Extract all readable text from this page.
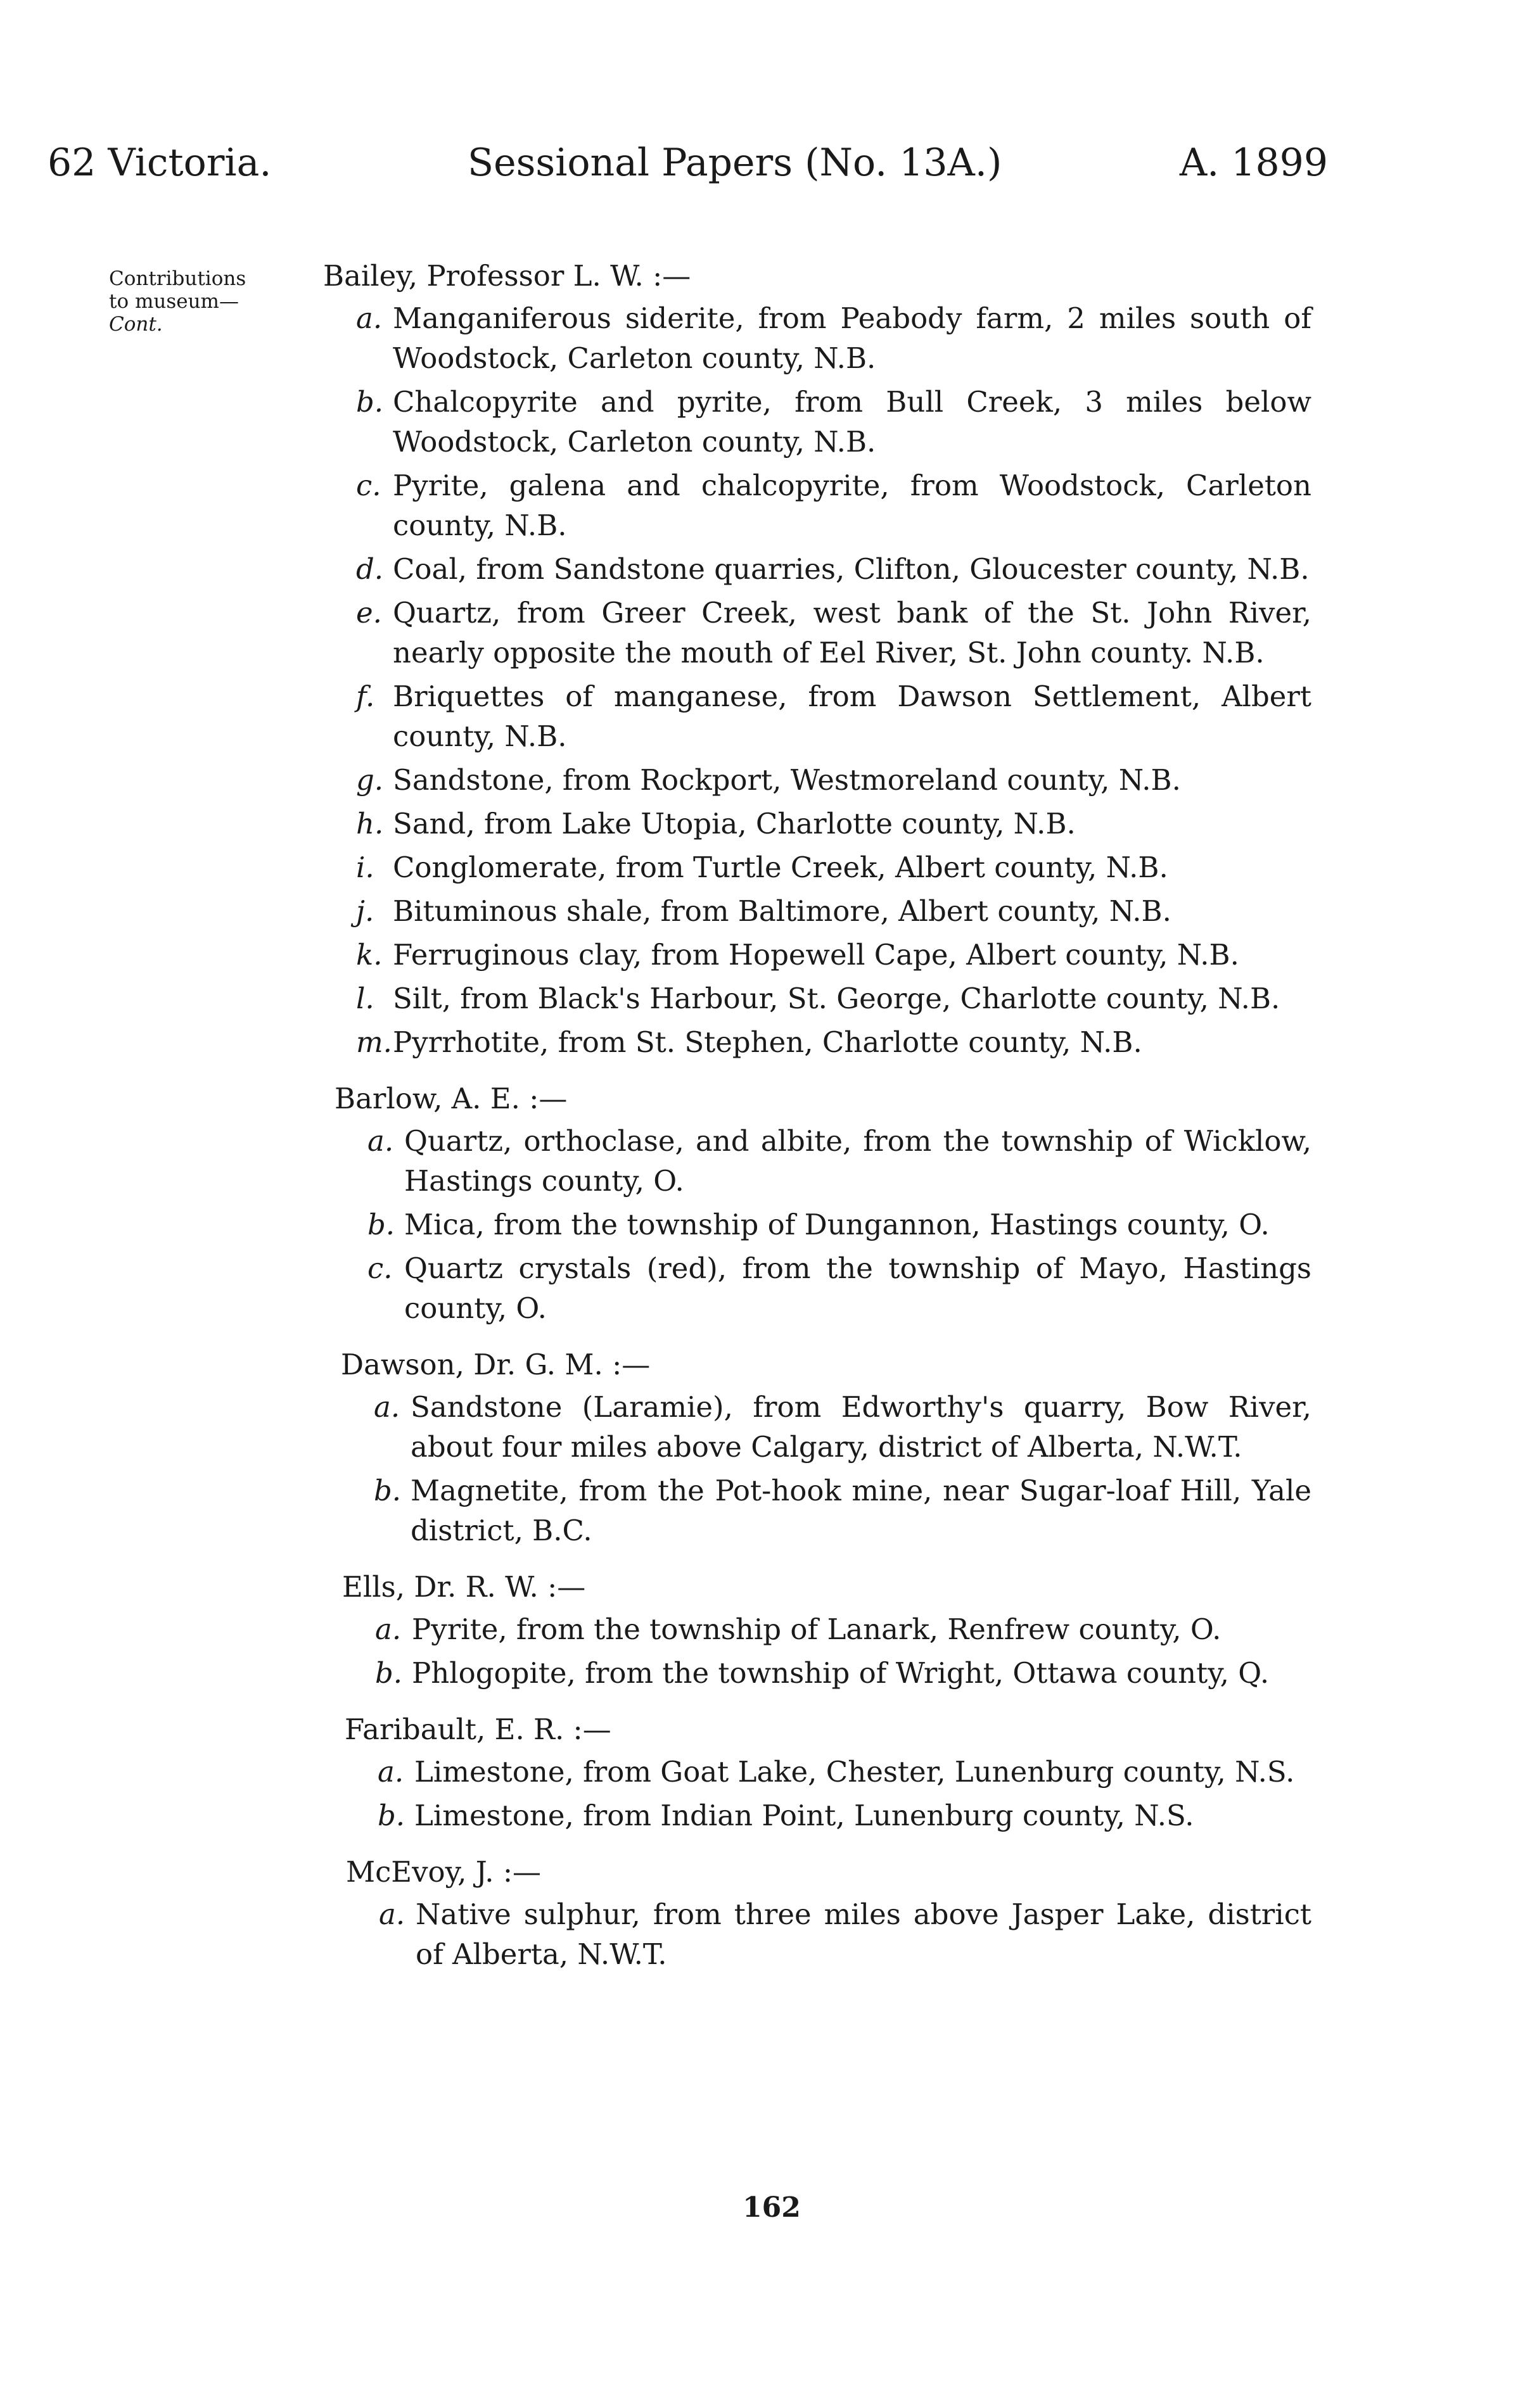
62 Victoria.	Sessional Papers (No. 13A.)	A. 1899
Contributions
to museum—
Cont.
Bailey, Professor L. W. :—
a. Manganiferous siderite, from Peabody farm, 2 miles south of Woodstock, Carleton county, N.B.
b. Chalcopyrite and pyrite, from Bull Creek, 3 miles below Woodstock, Carleton county, N.B.
c. Pyrite, galena and chalcopyrite, from Woodstock, Carleton county, N.B.
d. Coal, from Sandstone quarries, Clifton, Gloucester county, N.B.
e. Quartz, from Greer Creek, west bank of the St. John River, nearly opposite the mouth of Eel River, St. John county. N.B.
f. Briquettes of manganese, from Dawson Settlement, Albert county, N.B.
g. Sandstone, from Rockport, Westmoreland county, N.B.
h. Sand, from Lake Utopia, Charlotte county, N.B.
i. Conglomerate, from Turtle Creek, Albert county, N.B.
j. Bituminous shale, from Baltimore, Albert county, N.B.
k. Ferruginous clay, from Hopewell Cape, Albert county, N.B.
l. Silt, from Black's Harbour, St. George, Charlotte county, N.B.
m. Pyrrhotite, from St. Stephen, Charlotte county, N.B.
Barlow, A. E. :—
a. Quartz, orthoclase, and albite, from the township of Wicklow, Hastings county, O.
b. Mica, from the township of Dungannon, Hastings county, O.
c. Quartz crystals (red), from the township of Mayo, Hastings county, O.
Dawson, Dr. G. M. :—
a. Sandstone (Laramie), from Edworthy's quarry, Bow River, about four miles above Calgary, district of Alberta, N.W.T.
b. Magnetite, from the Pot-hook mine, near Sugar-loaf Hill, Yale district, B.C.
Ells, Dr. R. W. :—
a. Pyrite, from the township of Lanark, Renfrew county, O.
b. Phlogopite, from the township of Wright, Ottawa county, Q.
Faribault, E. R. :—
a. Limestone, from Goat Lake, Chester, Lunenburg county, N.S.
b. Limestone, from Indian Point, Lunenburg county, N.S.
McEvoy, J. :—
a. Native sulphur, from three miles above Jasper Lake, district of Alberta, N.W.T.
162
